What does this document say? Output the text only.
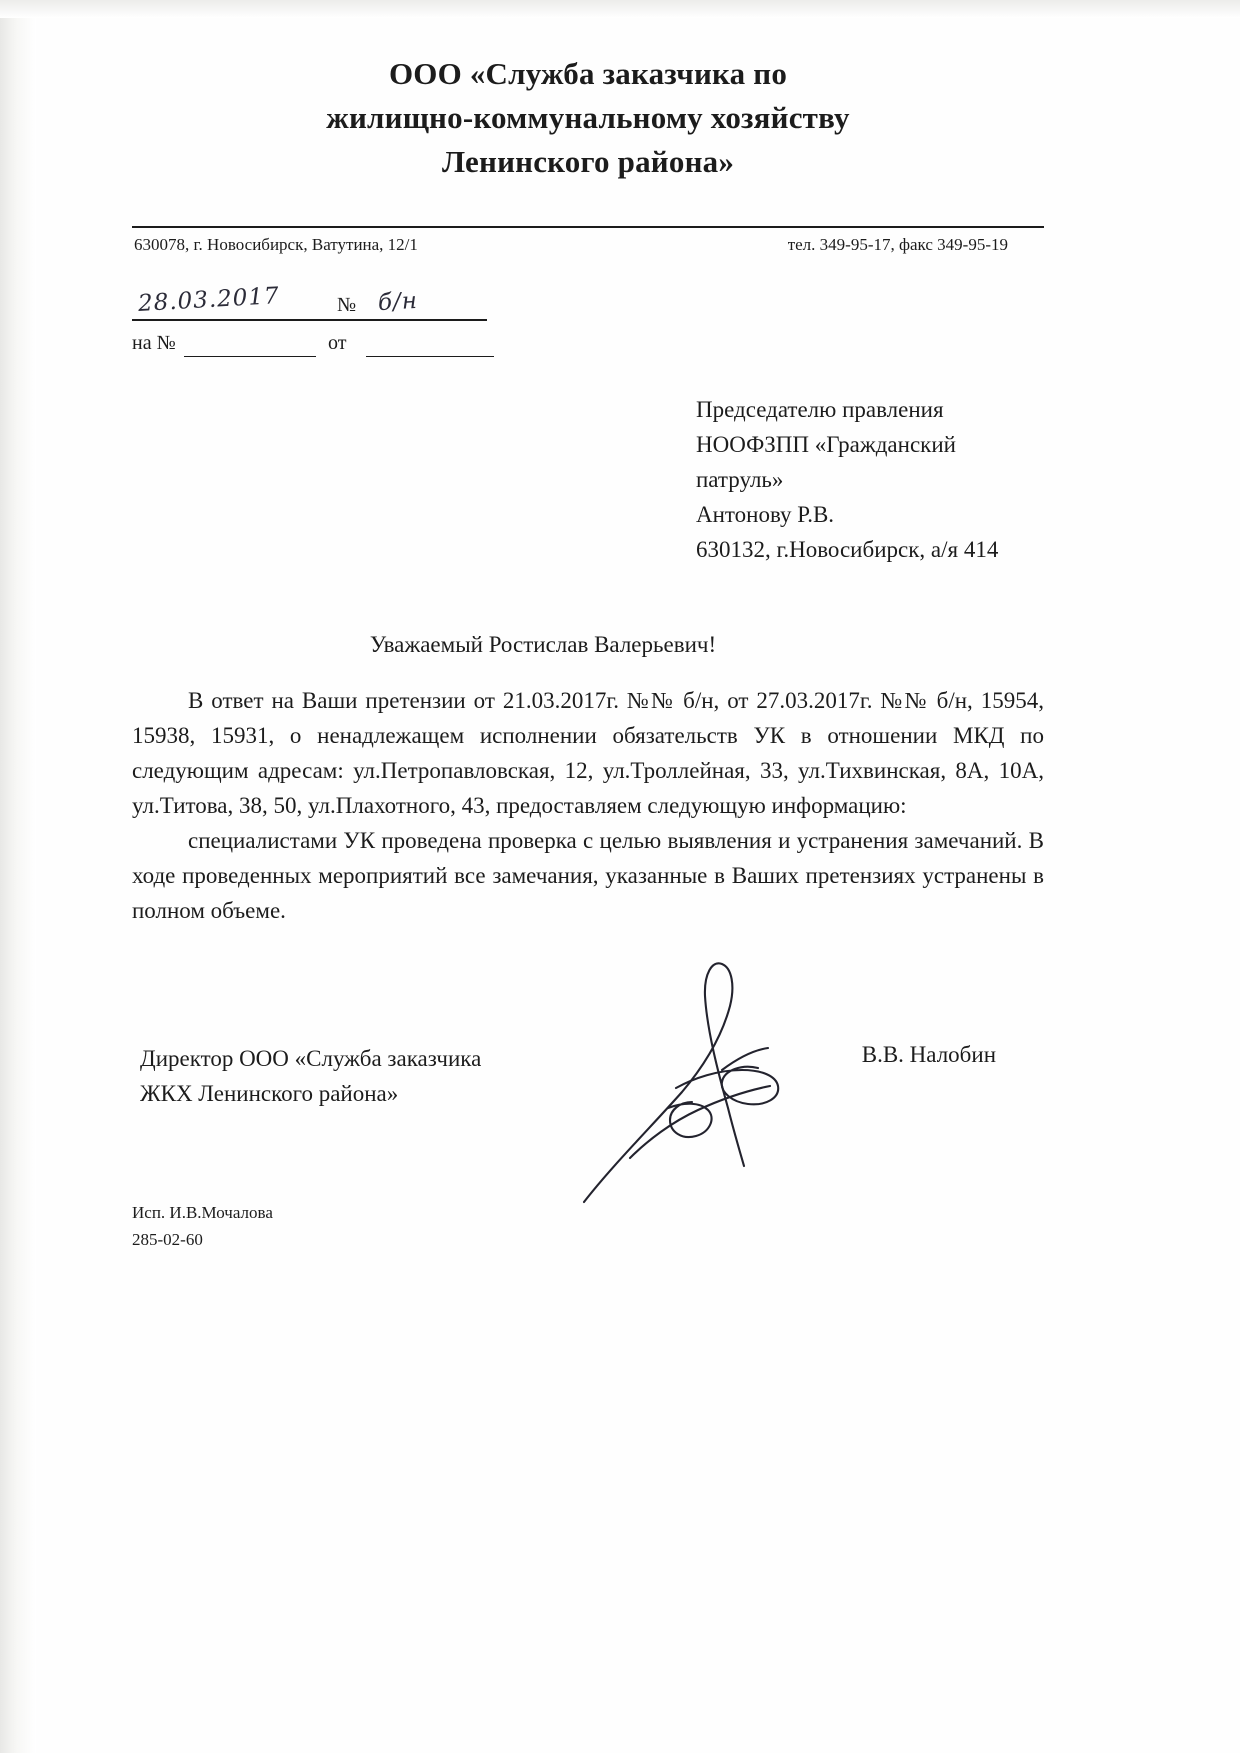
ООО «Служба заказчика по
жилищно-коммунальному хозяйству
Ленинского района»
630078, г. Новосибирск, Ватутина, 12/1	тел. 349-95-17, факс 349-95-19
28.03.2017	№ б/н
на №	от
Председателю правления
НООФЗПП «Гражданский патруль»
Антонову Р.В.
630132, г.Новосибирск, а/я 414
Уважаемый Ростислав Валерьевич!

В ответ на Ваши претензии от 21.03.2017г. №№ б/н, от 27.03.2017г. №№ б/н, 15954, 15938, 15931, о ненадлежащем исполнении обязательств УК в отношении МКД по следующим адресам: ул.Петропавловская, 12, ул.Троллейная, 33, ул.Тихвинская, 8А, 10А, ул.Титова, 38, 50, ул.Плахотного, 43, предоставляем следующую информацию:

специалистами УК проведена проверка с целью выявления и устранения замечаний. В ходе проведенных мероприятий все замечания, указанные в Ваших претензиях устранены в полном объеме.

Директор ООО «Служба заказчика
ЖКХ Ленинского района»
В.В. Налобин
Исп. И.В.Мочалова
285-02-60
